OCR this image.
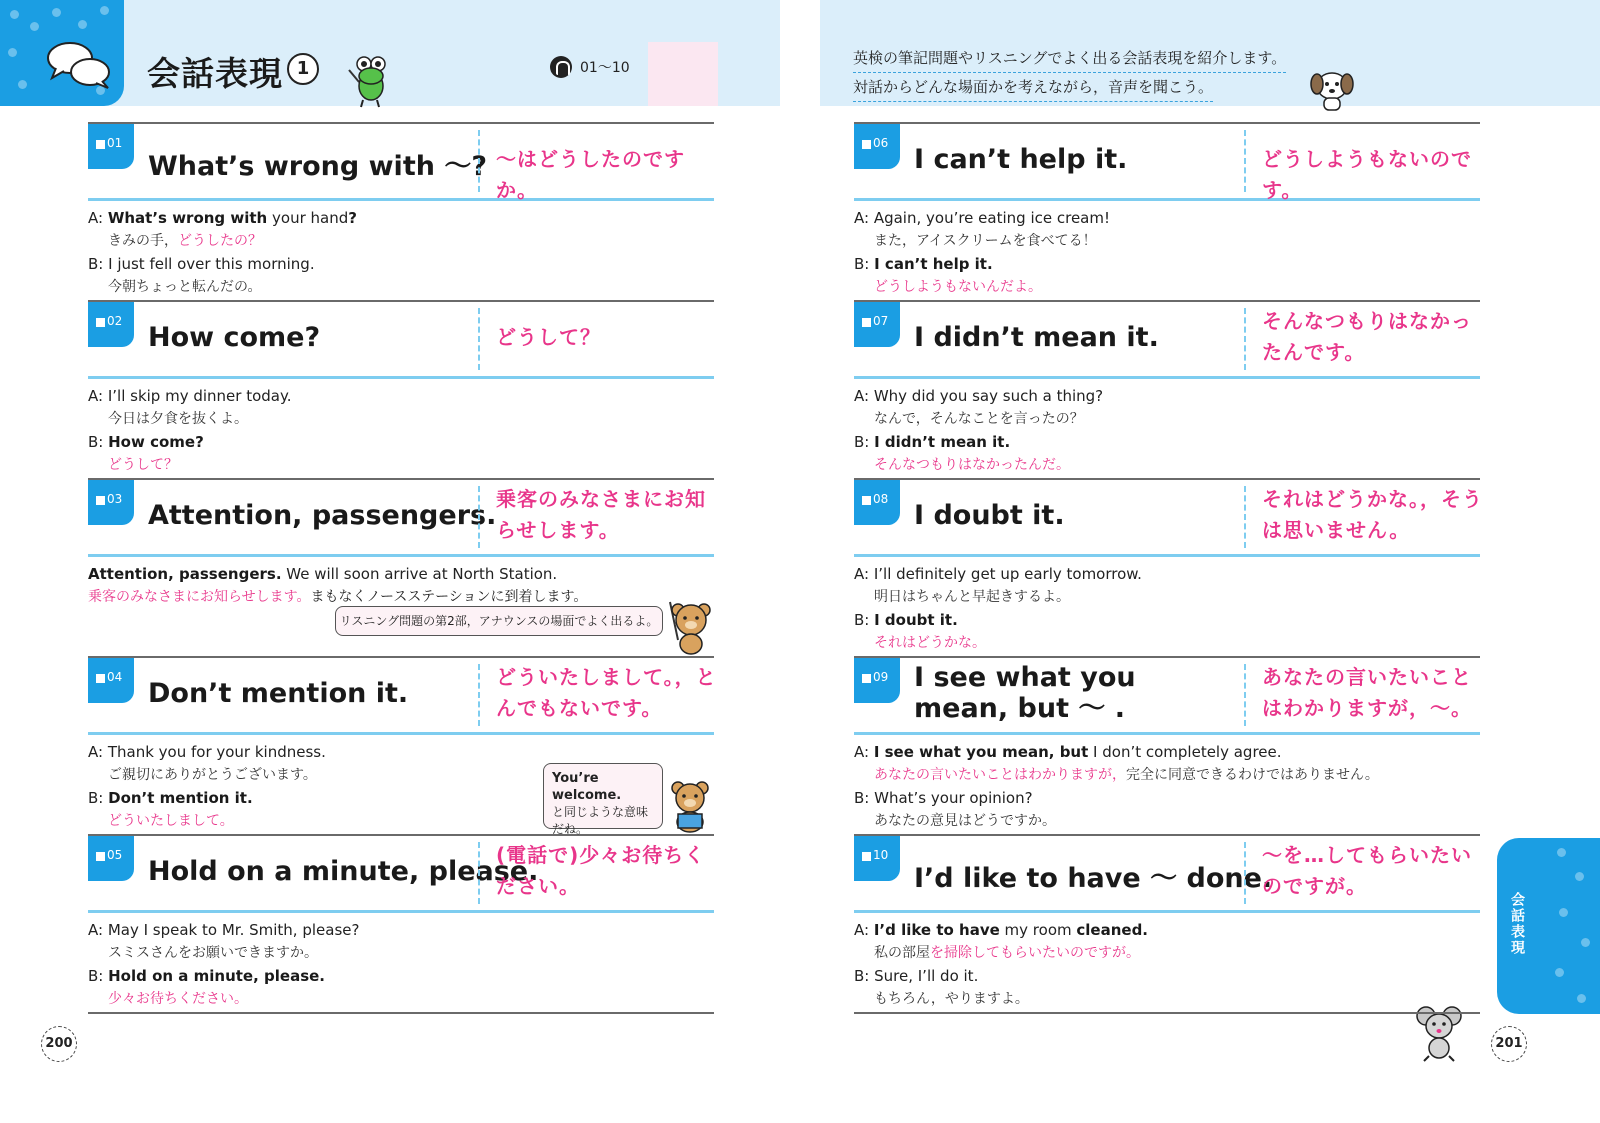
会話表現 1	01～10
英検の筆記問題やリスニングでよく出る会話表現を紹介します。
対話からどんな場面かを考えながら，音声を聞こう。
01
What’s wrong with ～? ～はどうしたのですか。
A: What’s wrong with your hand?
きみの手，どうしたの？
B: I just fell over this morning.
今朝ちょっと転んだの。
02
How come?	どうして？
A: I’ll skip my dinner today.
今日は夕食を抜くよ。
B: How come?
どうして？
03
Attention, passengers.
乗客のみなさまにお知らせします。
Attention, passengers. We will soon arrive at North Station.
乗客のみなさまにお知らせします。まもなくノースステーションに到着します。
04
Don’t mention it.
どういたしまして。，とんでもないです。
A: Thank you for your kindness.
ご親切にありがとうございます。
B: Don’t mention it.
どういたしまして。
05
Hold on a minute, please.
(電話で)少々お待ちください。
A: May I speak to Mr. Smith, please?
スミスさんをお願いできますか。
B: Hold on a minute, please.
少々お待ちください。
06
I can’t help it.	どうしようもないのです。
A: Again, you’re eating ice cream!
また，アイスクリームを食べてる！
B: I can’t help it.
どうしようもないんだよ。
07
I didn’t mean it.
そんなつもりはなかったんです。
A: Why did you say such a thing?
なんで，そんなことを言ったの？
B: I didn’t mean it.
そんなつもりはなかったんだ。
08
I doubt it.
それはどうかな。，そうは思いません。
A: I’ll definitely get up early tomorrow.
明日はちゃんと早起きするよ。
B: I doubt it.
それはどうかな。
09 I see what you mean, but ～ .
あなたの言いたいことはわかりますが，～。
A: I see what you mean, but I don’t completely agree.
あなたの言いたいことはわかりますが，完全に同意できるわけではありません。
B: What’s your opinion?
あなたの意見はどうですか。
10
I’d like to have ～ done.
～を…してもらいたいのですが。
A: I’d like to have my room cleaned.
私の部屋を掃除してもらいたいのですが。
B: Sure, I’ll do it.
もちろん，やりますよ。
リスニング問題の第2部，アナウンスの場面でよく出るよ。
You’re welcome.
と同じような意味だね。
会話表現
200	201
